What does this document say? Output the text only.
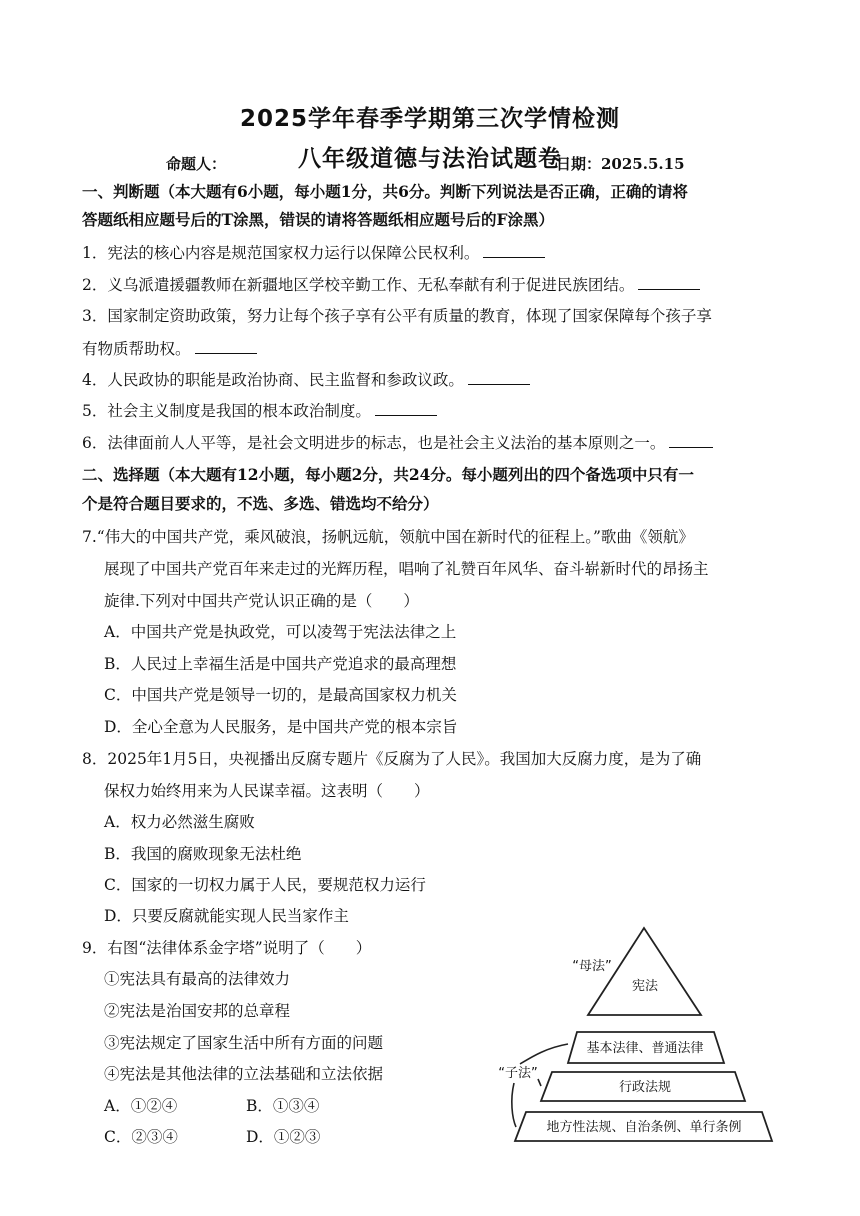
2025学年春季学期第三次学情检测
八年级道德与法治试题卷
命题人：	日期：2025.5.15
一、判断题（本大题有6小题，每小题1分，共6分。判断下列说法是否正确，正确的请将
答题纸相应题号后的T涂黑，错误的请将答题纸相应题号后的F涂黑）
1．宪法的核心内容是规范国家权力运行以保障公民权利。
2．义乌派遣援疆教师在新疆地区学校辛勤工作、无私奉献有利于促进民族团结。
3．国家制定资助政策，努力让每个孩子享有公平有质量的教育，体现了国家保障每个孩子享
有物质帮助权。
4．人民政协的职能是政治协商、民主监督和参政议政。
5．社会主义制度是我国的根本政治制度。
6．法律面前人人平等，是社会文明进步的标志，也是社会主义法治的基本原则之一。
二、选择题（本大题有12小题，每小题2分，共24分。每小题列出的四个备选项中只有一
个是符合题目要求的，不选、多选、错选均不给分）
7.“伟大的中国共产党，乘风破浪，扬帆远航，领航中国在新时代的征程上。”歌曲《领航》
展现了中国共产党百年来走过的光辉历程，唱响了礼赞百年风华、奋斗崭新时代的昂扬主
旋律.下列对中国共产党认识正确的是（　　）
A．中国共产党是执政党，可以凌驾于宪法法律之上
B．人民过上幸福生活是中国共产党追求的最高理想
C．中国共产党是领导一切的，是最高国家权力机关
D．全心全意为人民服务，是中国共产党的根本宗旨
8．2025年1月5日，央视播出反腐专题片《反腐为了人民》。我国加大反腐力度，是为了确
保权力始终用来为人民谋幸福。这表明（　　）
A．权力必然滋生腐败
B．我国的腐败现象无法杜绝
C．国家的一切权力属于人民，要规范权力运行
D．只要反腐就能实现人民当家作主
9．右图“法律体系金字塔”说明了（　　）
①宪法具有最高的法律效力
②宪法是治国安邦的总章程
③宪法规定了国家生活中所有方面的问题
④宪法是其他法律的立法基础和立法依据
A．①②④	B．①③④
C．②③④	D．①②③
宪法
“母法”
基本法律、普通法律
行政法规
地方性法规、自治条例、单行条例
“子法”
